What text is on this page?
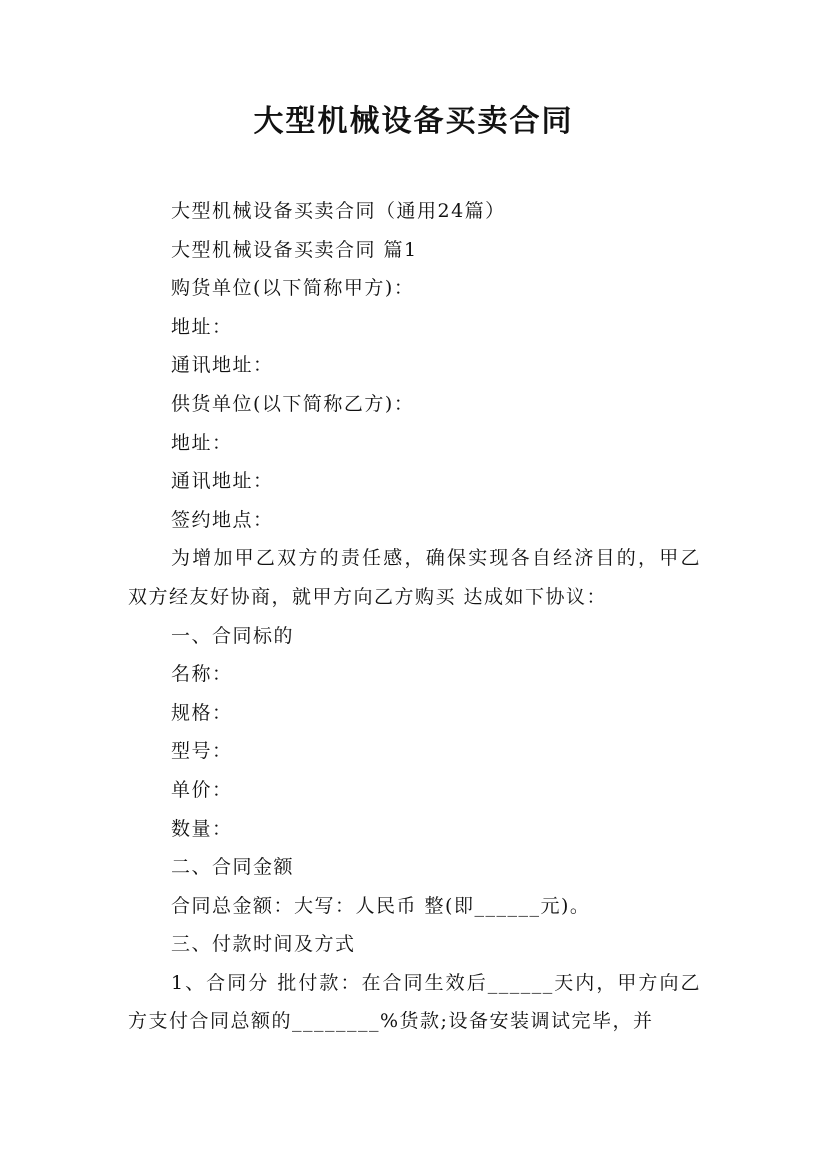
大型机械设备买卖合同

大型机械设备买卖合同（通用24篇）

大型机械设备买卖合同 篇1

购货单位(以下简称甲方)：

地址：

通讯地址：

供货单位(以下简称乙方)：

地址：

通讯地址：

签约地点：

为增加甲乙双方的责任感，确保实现各自经济目的，甲乙双方经友好协商，就甲方向乙方购买 达成如下协议：

一、合同标的

名称：

规格：

型号：

单价：

数量：

二、合同金额

合同总金额：大写：人民币 整(即______元)。

三、付款时间及方式

1、合同分 批付款：在合同生效后______天内，甲方向乙方支付合同总额的________%货款;设备安装调试完毕，并
